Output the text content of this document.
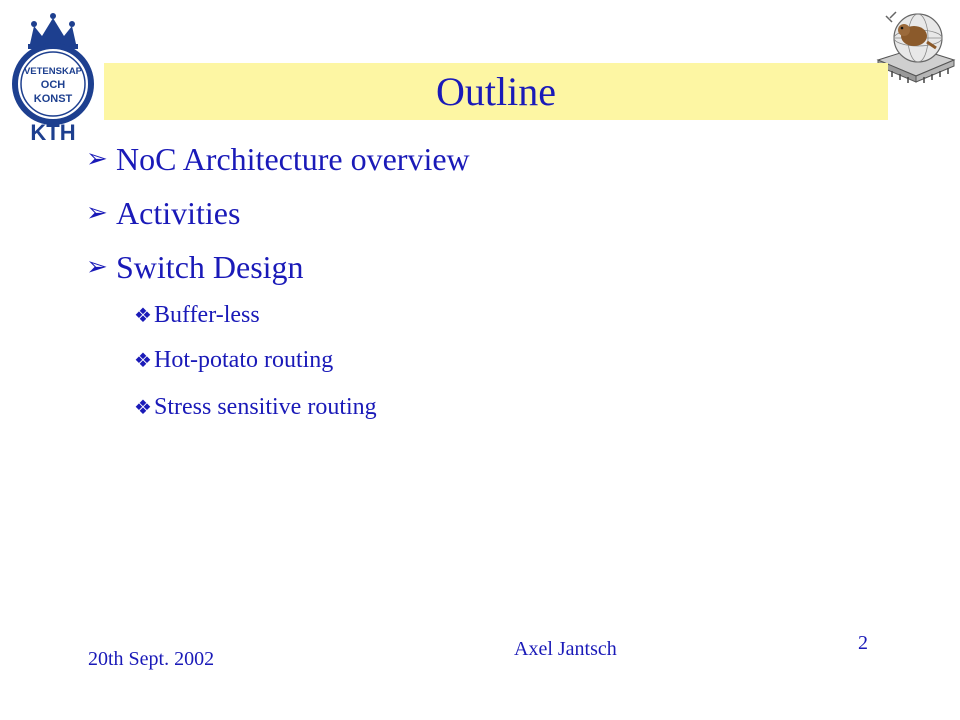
VETENSKAP
OCH
KONST
KTH
Outline
➢ NoC Architecture overview
➢ Activities
➢ Switch Design
❖ Buffer-less
❖ Hot-potato routing
❖ Stress sensitive routing
20th Sept. 2002	Axel Jantsch	2
